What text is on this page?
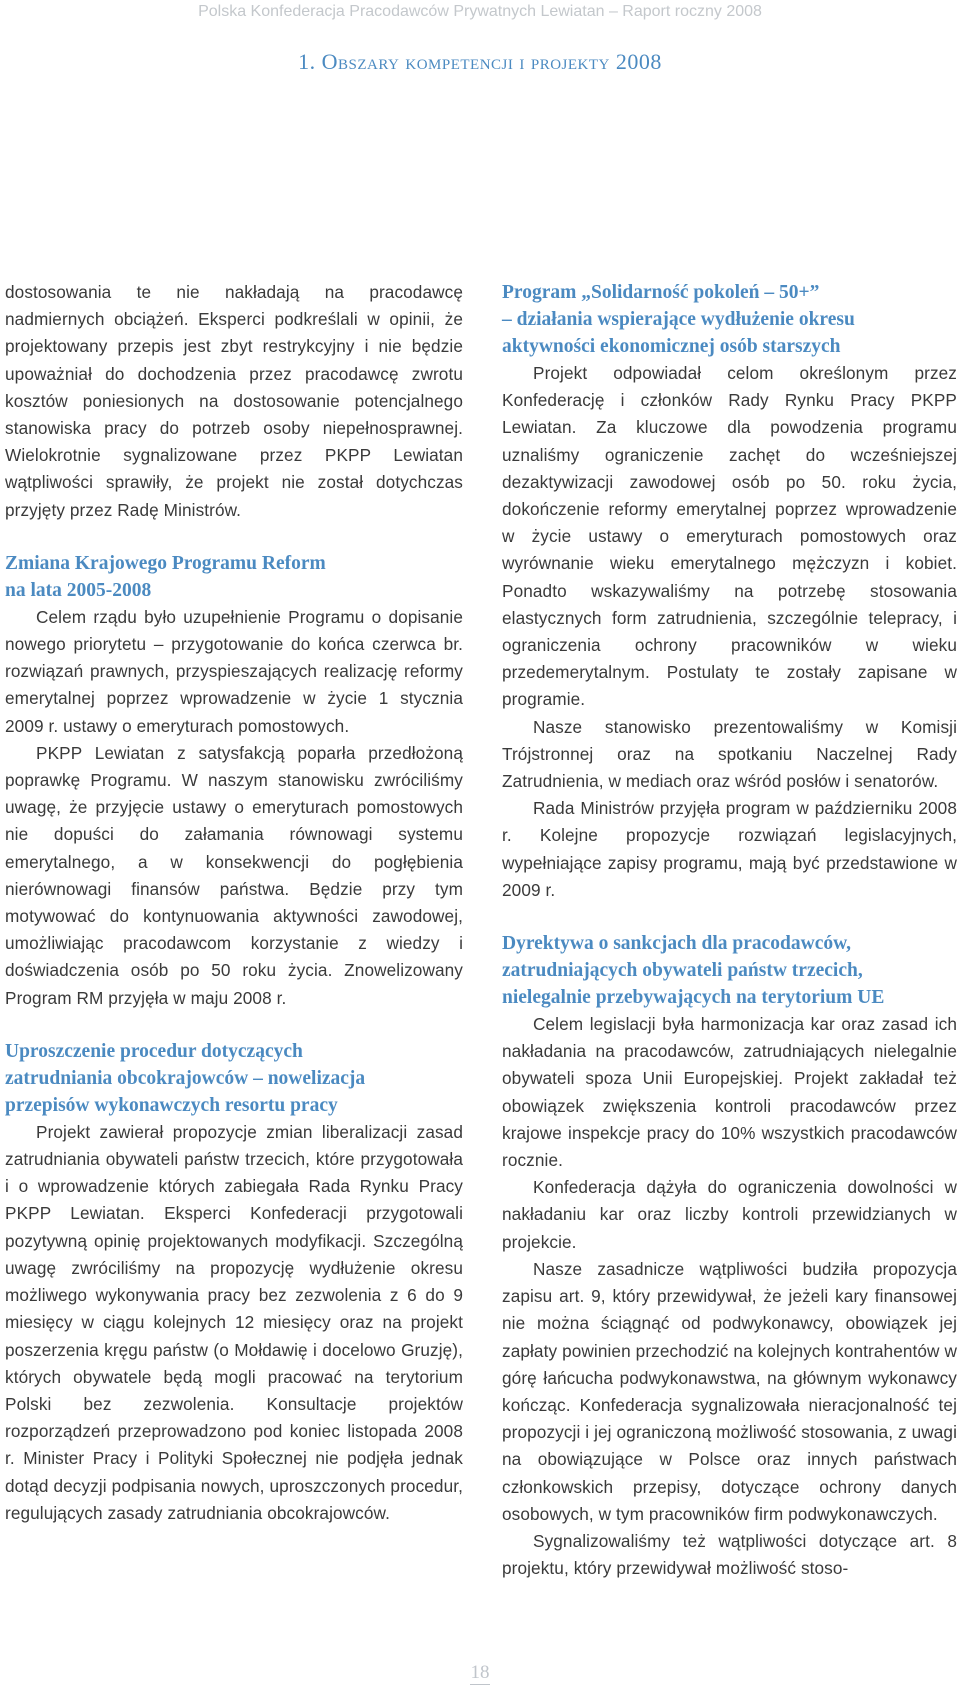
Polska Konfederacja Pracodawców Prywatnych Lewiatan – Raport roczny 2008
1. Obszary kompetencji i projekty 2008

dostosowania te nie nakładają na pracodawcę nadmiernych obciążeń. Eksperci podkreślali w opinii, że projektowany przepis jest zbyt restrykcyjny i nie będzie upoważniał do dochodzenia przez pracodawcę zwrotu kosztów poniesionych na dostosowanie potencjalnego stanowiska pracy do potrzeb osoby niepełnosprawnej. Wielokrotnie sygnalizowane przez PKPP Lewiatan wątpliwości sprawiły, że projekt nie został dotychczas przyjęty przez Radę Ministrów.

Zmiana Krajowego Programu Reform
na lata 2005-2008

Celem rządu było uzupełnienie Programu o dopisanie nowego priorytetu – przygotowanie do końca czerwca br. rozwiązań prawnych, przyspieszających realizację reformy emerytalnej poprzez wprowadzenie w życie 1 stycznia 2009 r. ustawy o emeryturach pomostowych.

PKPP Lewiatan z satysfakcją poparła przedłożoną poprawkę Programu. W naszym stanowisku zwróciliśmy uwagę, że przyjęcie ustawy o emeryturach pomostowych nie dopuści do załamania równowagi systemu emerytalnego, a w konsekwencji do pogłębienia nierównowagi finansów państwa. Będzie przy tym motywować do kontynuowania aktywności zawodowej, umożliwiając pracodawcom korzystanie z wiedzy i doświadczenia osób po 50 roku życia. Znowelizowany Program RM przyjęła w maju 2008 r.

Uproszczenie procedur dotyczących
zatrudniania obcokrajowców – nowelizacja
przepisów wykonawczych resortu pracy

Projekt zawierał propozycje zmian liberalizacji zasad zatrudniania obywateli państw trzecich, które przygotowała i o wprowadzenie których zabiegała Rada Rynku Pracy PKPP Lewiatan. Eksperci Konfederacji przygotowali pozytywną opinię projektowanych modyfikacji. Szczególną uwagę zwróciliśmy na propozycję wydłużenie okresu możliwego wykonywania pracy bez zezwolenia z 6 do 9 miesięcy w ciągu kolejnych 12 miesięcy oraz na projekt poszerzenia kręgu państw (o Mołdawię i docelowo Gruzję), których obywatele będą mogli pracować na terytorium Polski bez zezwolenia. Konsultacje projektów rozporządzeń przeprowadzono pod koniec listopada 2008 r. Minister Pracy i Polityki Społecznej nie podjęła jednak dotąd decyzji podpisania nowych, uproszczonych procedur, regulujących zasady zatrudniania obcokrajowców.

Program „Solidarność pokoleń – 50+”
– działania wspierające wydłużenie okresu
aktywności ekonomicznej osób starszych

Projekt odpowiadał celom określonym przez Konfederację i członków Rady Rynku Pracy PKPP Lewiatan. Za kluczowe dla powodzenia programu uznaliśmy ograniczenie zachęt do wcześniejszej dezaktywizacji zawodowej osób po 50. roku życia, dokończenie reformy emerytalnej poprzez wprowadzenie w życie ustawy o emeryturach pomostowych oraz wyrównanie wieku emerytalnego mężczyzn i kobiet. Ponadto wskazywaliśmy na potrzebę stosowania elastycznych form zatrudnienia, szczególnie telepracy, i ograniczenia ochrony pracowników w wieku przedemerytalnym. Postulaty te zostały zapisane w programie.

Nasze stanowisko prezentowaliśmy w Komisji Trójstronnej oraz na spotkaniu Naczelnej Rady Zatrudnienia, w mediach oraz wśród posłów i senatorów.

Rada Ministrów przyjęła program w październiku 2008 r. Kolejne propozycje rozwiązań legislacyjnych, wypełniające zapisy programu, mają być przedstawione w 2009 r.

Dyrektywa o sankcjach dla pracodawców,
zatrudniających obywateli państw trzecich,
nielegalnie przebywających na terytorium UE

Celem legislacji była harmonizacja kar oraz zasad ich nakładania na pracodawców, zatrudniających nielegalnie obywateli spoza Unii Europejskiej. Projekt zakładał też obowiązek zwiększenia kontroli pracodawców przez krajowe inspekcje pracy do 10% wszystkich pracodawców rocznie.

Konfederacja dążyła do ograniczenia dowolności w nakładaniu kar oraz liczby kontroli przewidzianych w projekcie.

Nasze zasadnicze wątpliwości budziła propozycja zapisu art. 9, który przewidywał, że jeżeli kary finansowej nie można ściągnąć od podwykonawcy, obowiązek jej zapłaty powinien przechodzić na kolejnych kontrahentów w górę łańcucha podwykonawstwa, na głównym wykonawcy kończąc. Konfederacja sygnalizowała nieracjonalność tej propozycji i jej ograniczoną możliwość stosowania, z uwagi na obowiązujące w Polsce oraz innych państwach członkowskich przepisy, dotyczące ochrony danych osobowych, w tym pracowników firm podwykonawczych.

Sygnalizowaliśmy też wątpliwości dotyczące art. 8 projektu, który przewidywał możliwość stoso-

18
